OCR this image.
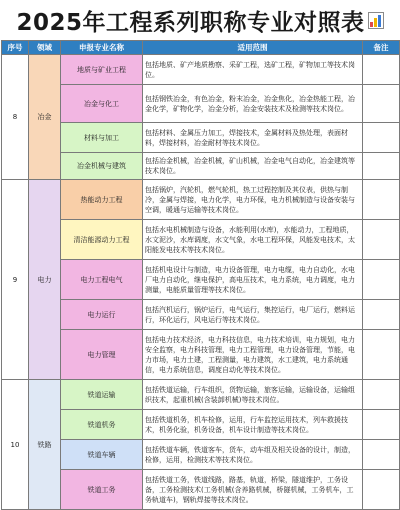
2025年工程系列职称专业对照表
序号	领域	申报专业名称	适用范围	备注
8	冶金	地质与矿业工程	包括地质、矿产地质勘察、采矿工程，选矿工程，矿物加工等技术岗位。	
		冶金与化工	包括钢铁冶金，有色冶金，粉末冶金，冶金焦化，冶金热能工程，冶金化学，矿物化学，冶金分析，冶金安装技术及检测等技术岗位。	
		材料与加工	包括材料、金属压力加工，焊接技术，金属材料及热处理，表面材料，焊接材料，冶金耐材等技术岗位。	
		冶金机械与建筑	包括冶金机械，冶金机械，矿山机械，冶金电气自动化，冶金建筑等技术岗位。	
9	电力	热能动力工程	包括锅炉，汽轮机，燃气轮机，热工过程控制及其仪表，供热与制冷，金属与焊接，电力化学，电力环保，电力机械制造与设备安装与空调，暖通与运输等技术岗位。	
		清洁能源动力工程	包括水电机械制造与设备，水能利用(水库)，水能动力，工程地质，水文泥沙，水库调度，水文气象，水电工程环保，风能发电技术，太阳能发电技术等技术岗位。	
		电力工程电气	包括机电设计与制造，电力设备管理，电力电缆，电力自动化，水电厂电力自动化，继电保护，高电压技术，电力系统，电力调度，电力测量，电能质量管理等技术岗位。	
		电力运行	包括汽机运行，锅炉运行，电气运行，集控运行，电厂运行，燃料运行，环化运行，风电运行等技术岗位。	
		电力管理	包括电力技术经济，电力科技信息，电力技术培训，电力规划，电力安全监察，电力科技管理，电力工程管理，电力设备管理，节能，电力市场，电力土建，工程测量，电力建筑，水工建筑，电力系统通信，电力系统信息，调度自动化等技术岗位。	
10	铁路	铁道运输	包括铁道运输，行车组织，货物运输，旅客运输，运输设备，运输组织技术，起重机械(含装卸机械)等技术岗位。	
		铁道机务	包括铁道机务，机车检修，运用，行车监控运用技术，列车救援技术，机务化验，机务设备，机车设计制造等技术岗位。	
		铁道车辆	包括铁道车辆，铁道客车，货车，动车组及相关设备的设计，制造，检修，运用，检测技术等技术岗位。	
		铁道工务	包括铁道工务，铁道线路，路基，轨道，桥梁，隧道维护，工务设备，工务检测技术(工务机械(含养路机械，桥隧机械，工务机车，工务轨道车)，钢轨焊接等技术岗位。	
